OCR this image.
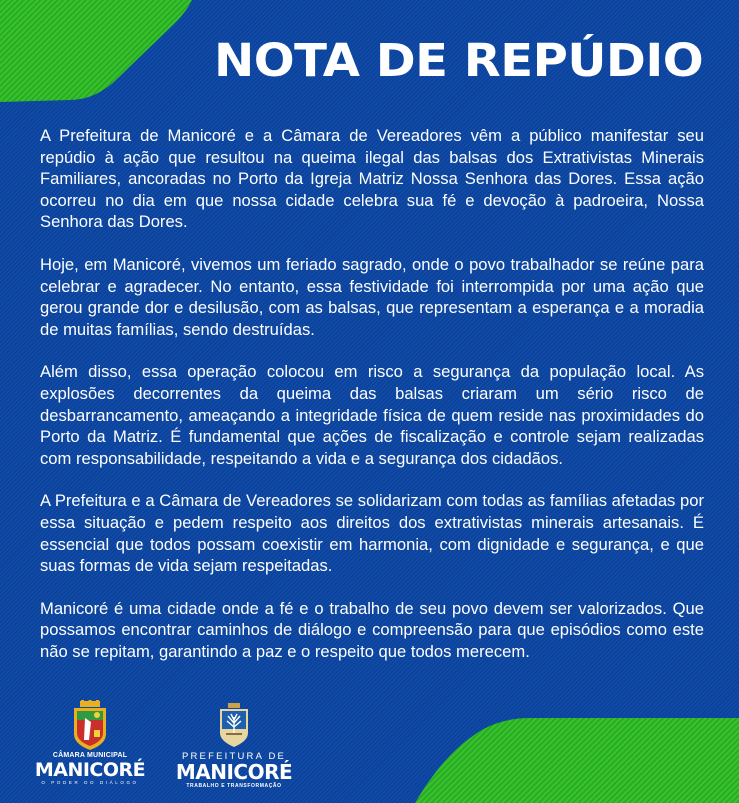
NOTA DE REPÚDIO

A Prefeitura de Manicoré e a Câmara de Vereadores vêm a público manifestar seu repúdio à ação que resultou na queima ilegal das balsas dos Extrativistas Minerais Familiares, ancoradas no Porto da Igreja Matriz Nossa Senhora das Dores. Essa ação ocorreu no dia em que nossa cidade celebra sua fé e devoção à padroeira, Nossa Senhora das Dores.

Hoje, em Manicoré, vivemos um feriado sagrado, onde o povo trabalhador se reúne para celebrar e agradecer. No entanto, essa festividade foi interrompida por uma ação que gerou grande dor e desilusão, com as balsas, que representam a esperança e a moradia de muitas famílias, sendo destruídas.

Além disso, essa operação colocou em risco a segurança da população local. As explosões decorrentes da queima das balsas criaram um sério risco de desbarrancamento, ameaçando a integridade física de quem reside nas proximidades do Porto da Matriz. É fundamental que ações de fiscalização e controle sejam realizadas com responsabilidade, respeitando a vida e a segurança dos cidadãos.

A Prefeitura e a Câmara de Vereadores se solidarizam com todas as famílias afetadas por essa situação e pedem respeito aos direitos dos extrativistas minerais artesanais. É essencial que todos possam coexistir em harmonia, com dignidade e segurança, e que suas formas de vida sejam respeitadas.

Manicoré é uma cidade onde a fé e o trabalho de seu povo devem ser valorizados. Que possamos encontrar caminhos de diálogo e compreensão para que episódios como este não se repitam, garantindo a paz e o respeito que todos merecem.

CÂMARA MUNICIPAL
MANICORÉ
O PODER DO DIÁLOGO
PREFEITURA DE
MANICORÉ
TRABALHO E TRANSFORMAÇÃO
